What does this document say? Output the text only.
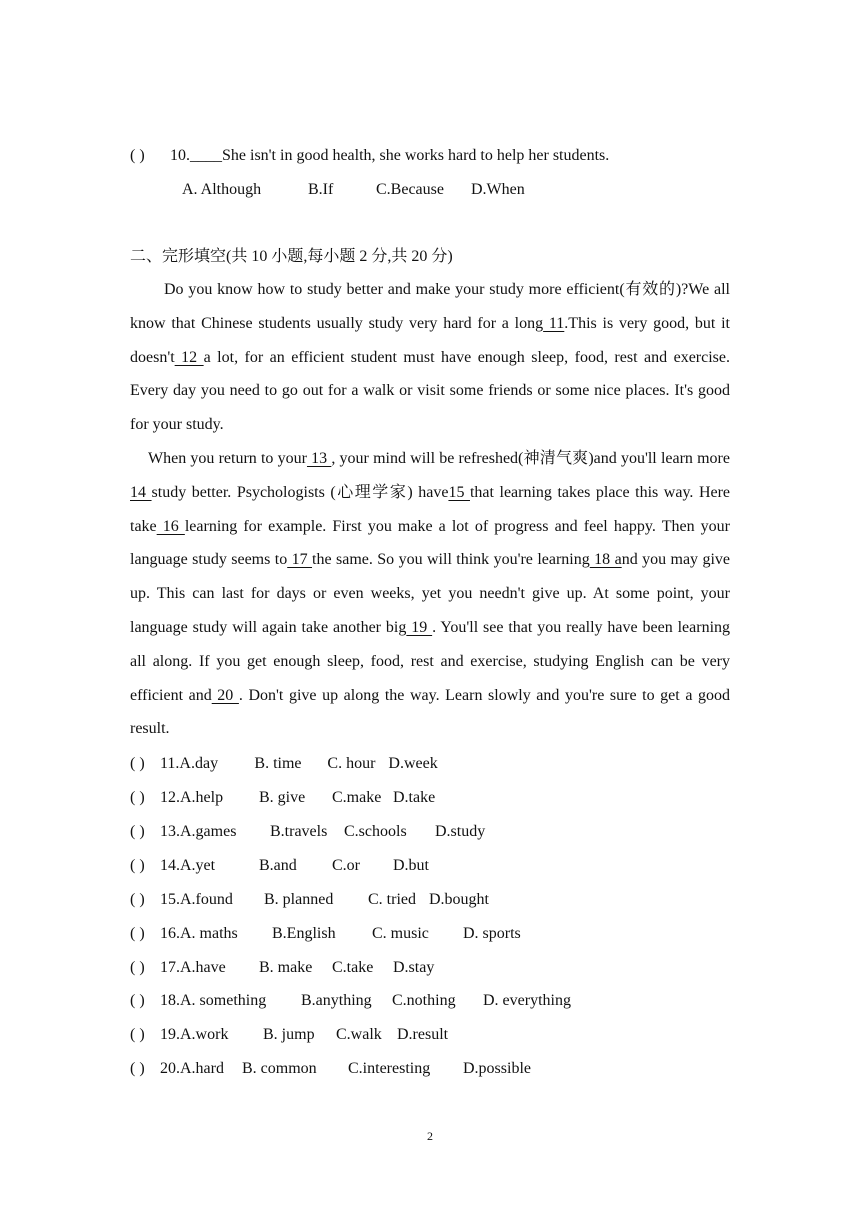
( ) 10.____She isn't in good health, she works hard to help her students.
A. Although	B.If	C.Because D.When
二、完形填空(共 10 小题,每小题 2 分,共 20 分)
Do you know how to study better and make your study more efficient(有效的)?We all know that Chinese students usually study very hard for a long 11.This is very good, but it doesn't 12 a lot, for an efficient student must have enough sleep, food, rest and exercise. Every day you need to go out for a walk or visit some friends or some nice places. It's good for your study.
When you return to your 13 , your mind will be refreshed(神清气爽)and you'll learn more 14 study better. Psychologists (心理学家) have15 that learning takes place this way. Here take 16 learning for example. First you make a lot of progress and feel happy. Then your language study seems to 17 the same. So you will think you're learning 18 and you may give up. This can last for days or even weeks, yet you needn't give up. At some point, your language study will again take another big 19 . You'll see that you really have been learning all along. If you get enough sleep, food, rest and exercise, studying English can be very efficient and 20 . Don't give up along the way. Learn slowly and you're sure to get a good result.
( ) 11.A.day B. time C. hour D.week
( ) 12.A.help B. give C.make D.take
( ) 13.A.games B.travels C.schools D.study
( ) 14.A.yet	B.and C.or D.but
( ) 15.A.found B. planned C. tried D.bought
( ) 16.A. maths B.English C. music D. sports
( ) 17.A.have B. make C.take D.stay
( ) 18.A. something B.anything C.nothing D. everything
( ) 19.A.work B. jump C.walk D.result
( ) 20.A.hard B. common C.interesting D.possible
2
